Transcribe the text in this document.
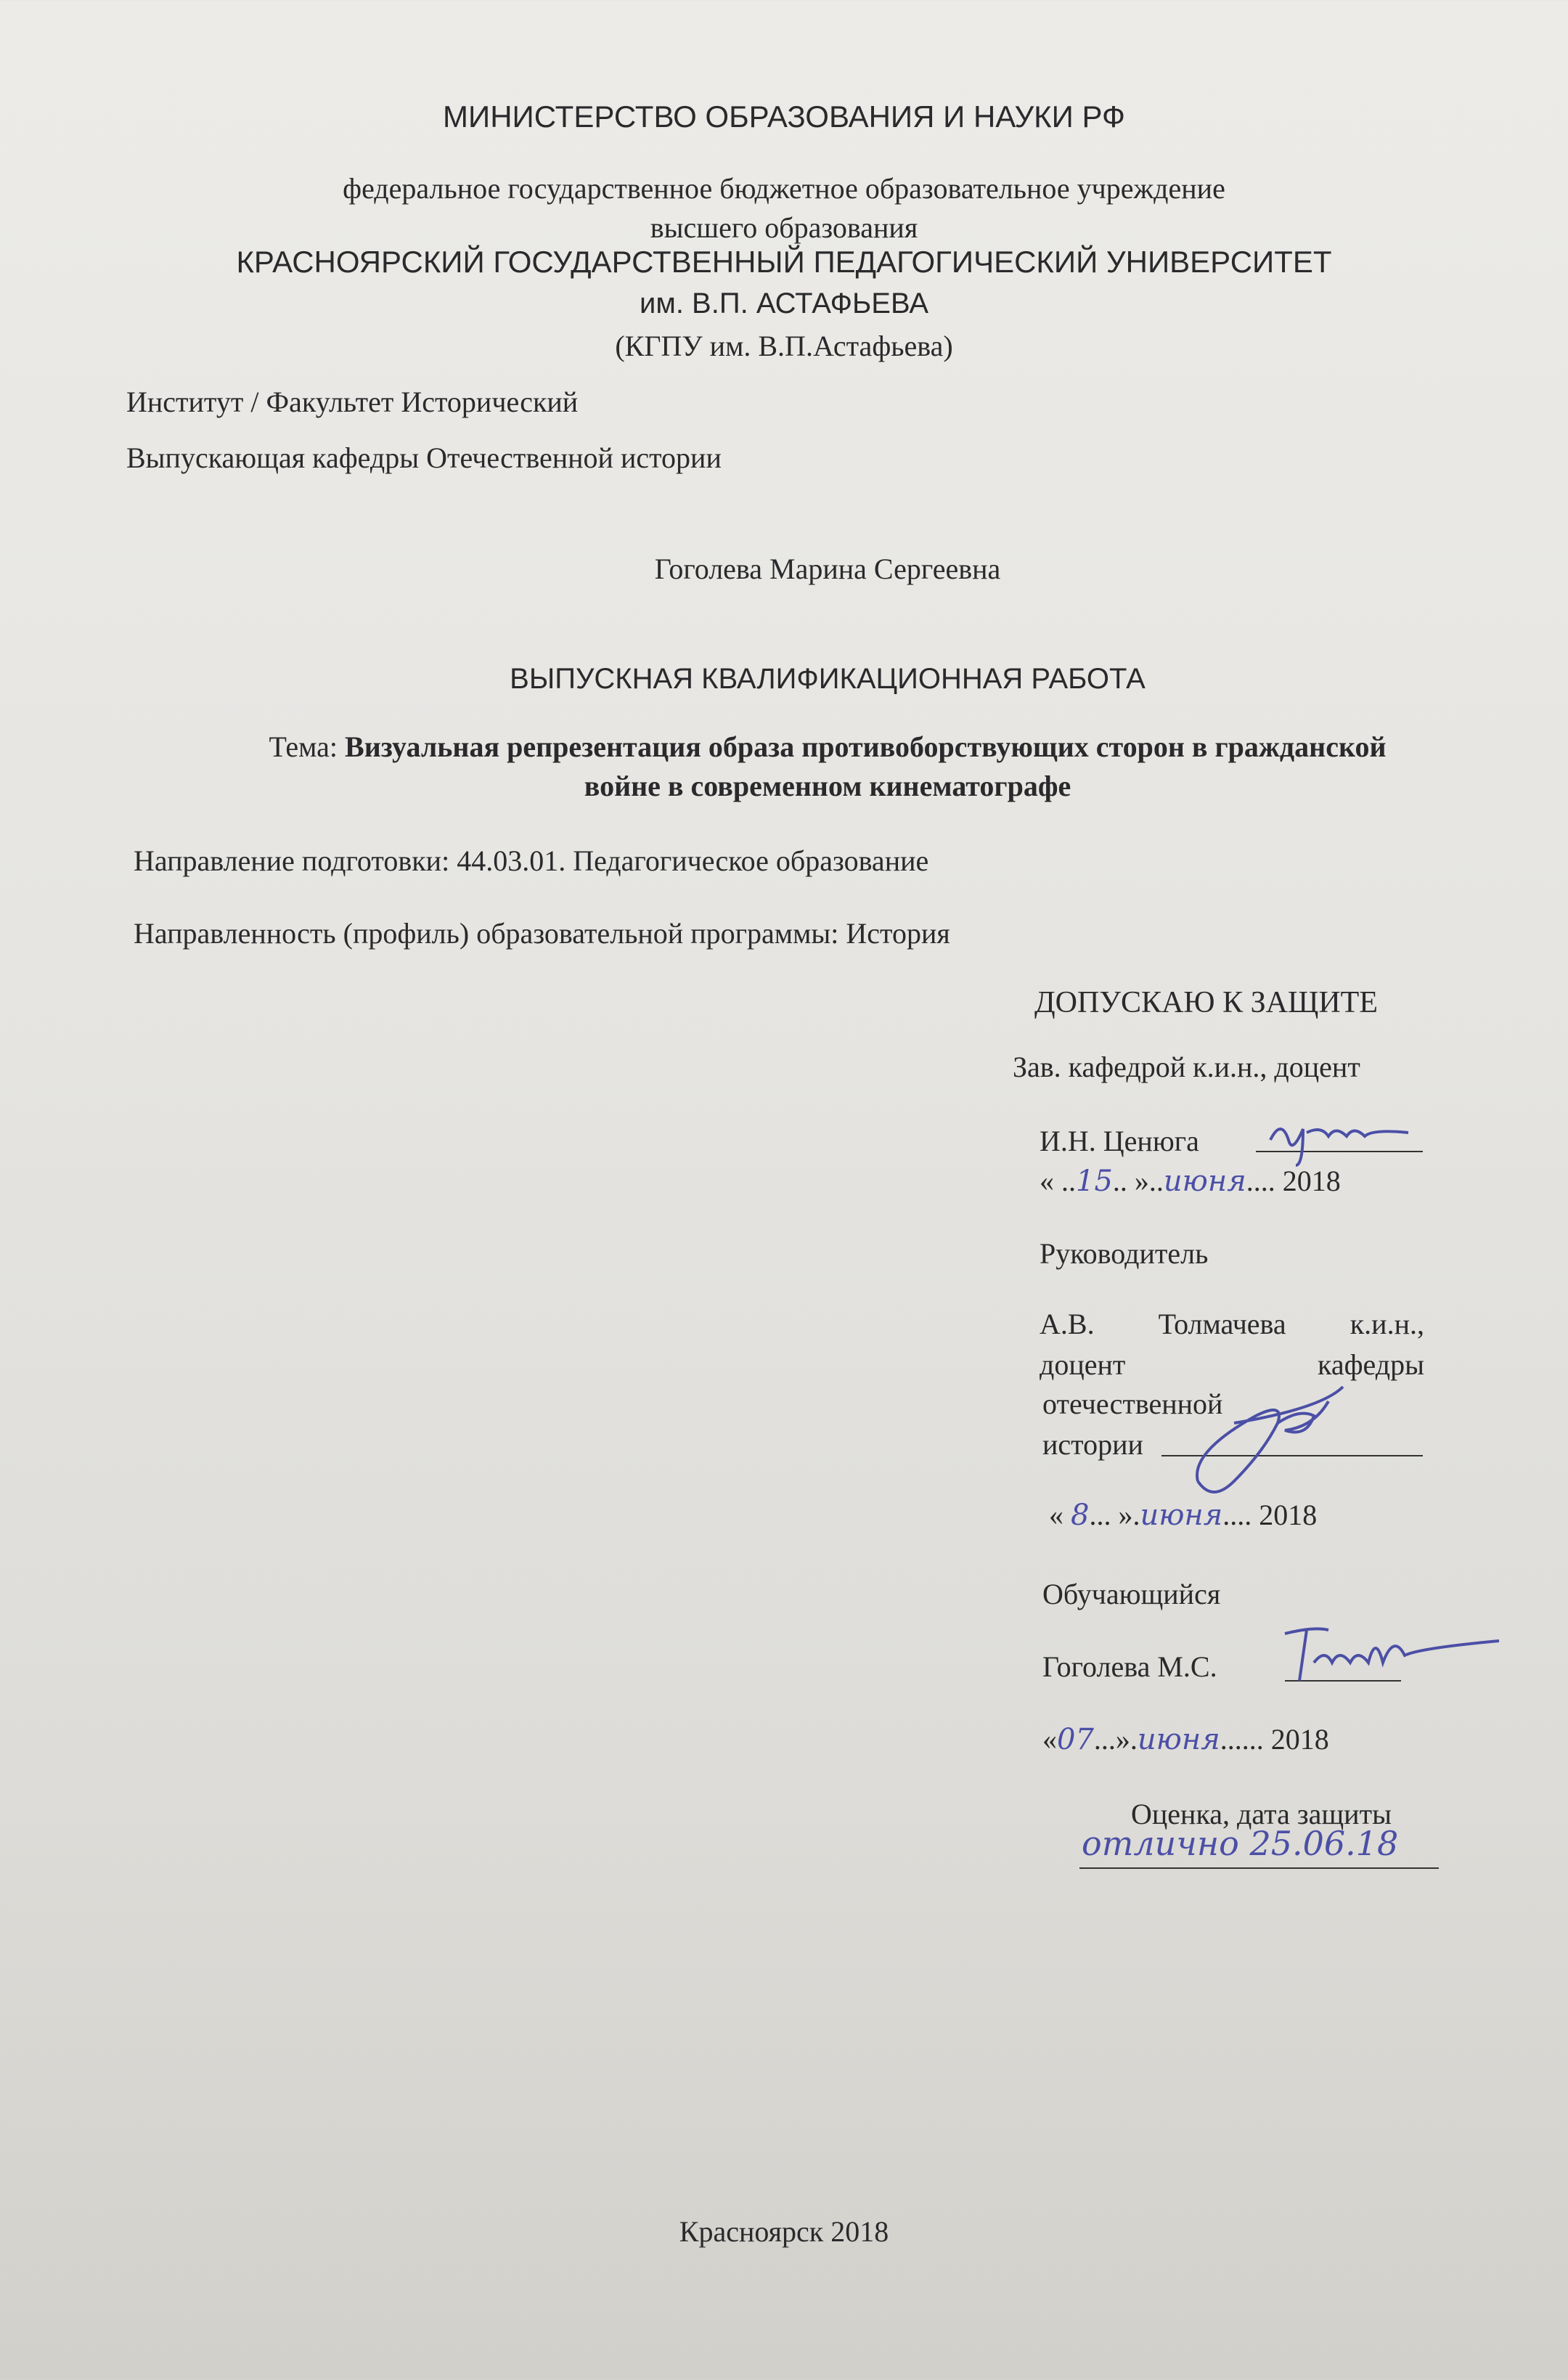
МИНИСТЕРСТВО ОБРАЗОВАНИЯ И НАУКИ РФ
федеральное государственное бюджетное образовательное учреждение
высшего образования
КРАСНОЯРСКИЙ ГОСУДАРСТВЕННЫЙ ПЕДАГОГИЧЕСКИЙ УНИВЕРСИТЕТ
им. В.П. АСТАФЬЕВА
(КГПУ им. В.П.Астафьева)
Институт / Факультет Исторический
Выпускающая кафедры Отечественной истории
Гоголева Марина Сергеевна
ВЫПУСКНАЯ КВАЛИФИКАЦИОННАЯ РАБОТА
Тема: Визуальная репрезентация образа противоборствующих сторон в гражданской
войне в современном кинематографе
Направление подготовки: 44.03.01. Педагогическое образование
Направленность (профиль) образовательной программы: История
ДОПУСКАЮ К ЗАЩИТЕ
Зав. кафедрой к.и.н., доцент
И.Н. Ценюга
« ..15.. »..июня.... 2018
Руководитель
А.В. Толмачева к.и.н.,
доцент кафедры
отечественной
истории
« 8... ».июня.... 2018
Обучающийся
Гоголева М.С.
«07...».июня...... 2018
Оценка, дата защиты
отлично 25.06.18
Красноярск 2018
